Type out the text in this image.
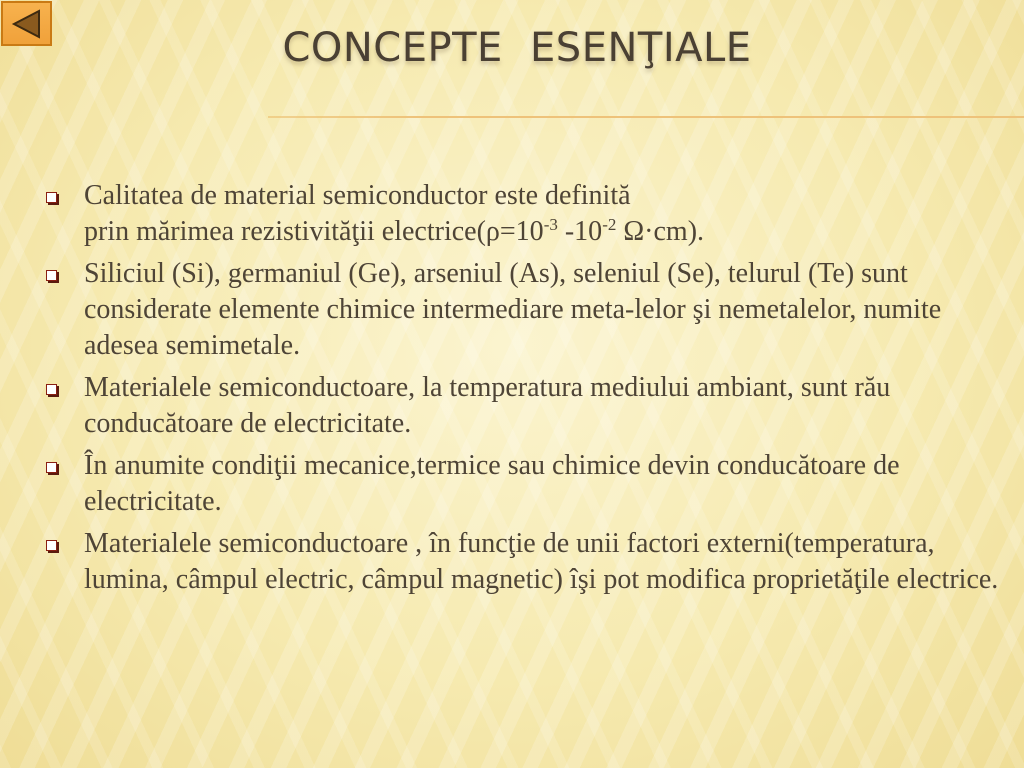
CONCEPTE ESENŢIALE
Calitatea de material semiconductor este definită
prin mărimea rezistivităţii $electrice(\rho=10^{-3}$ $-10^{-2}$ Ω·cm).
Siliciul (Si), germaniul (Ge), arseniul (As), seleniul (Se), telurul (Te) sunt considerate elemente chimice intermediare meta-lelor şi nemetalelor, numite adesea semimetale.
Materialele semiconductoare, la temperatura mediului ambiant, sunt rău conducătoare de electricitate.
În anumite condiţii mecanice,termice sau chimice devin conducătoare de electricitate.
Materialele semiconductoare , în funcţie de unii factori externi(temperatura, lumina, câmpul electric, câmpul magnetic) îşi pot modifica proprietăţile electrice.
